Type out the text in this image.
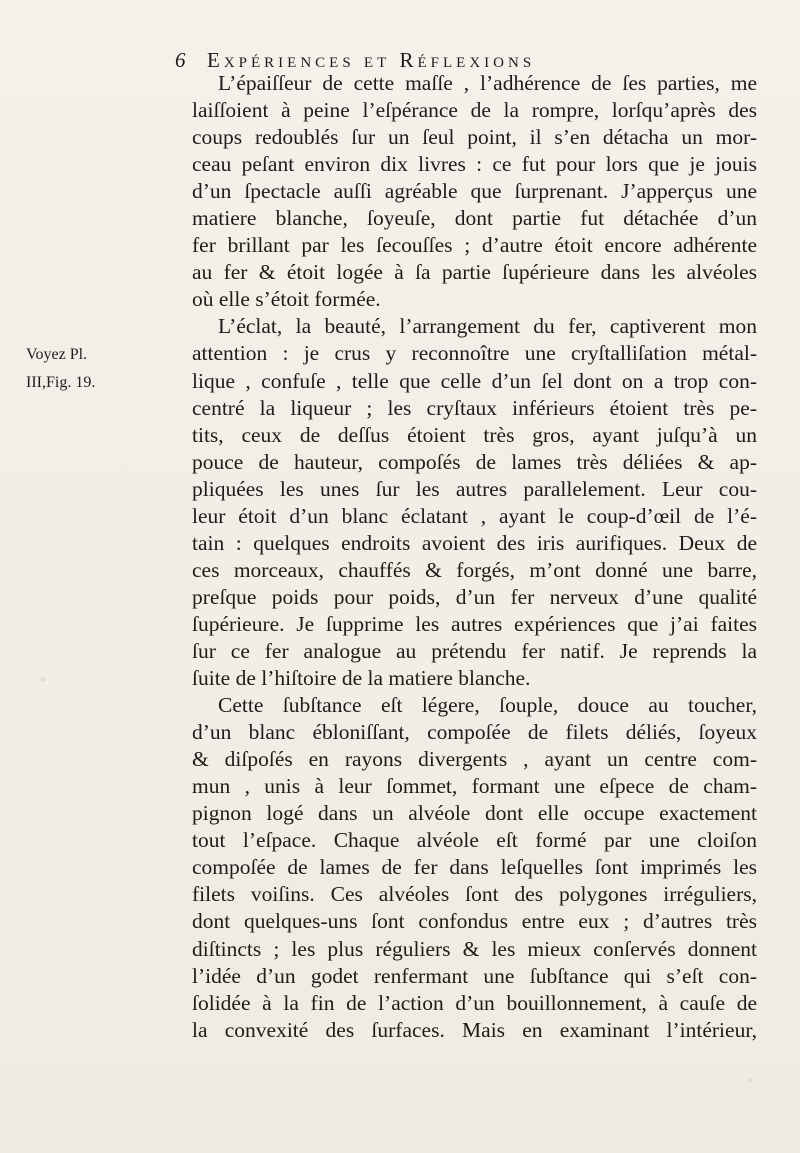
6 Expériences et Réflexions
Voyez Pl.
III,Fig. 19.
L’épaiſſeur de cette maſſe , l’adhérence de ſes parties, me
laiſſoient à peine l’eſpérance de la rompre, lorſqu’après des
coups redoublés ſur un ſeul point, il s’en détacha un mor-
ceau peſant environ dix livres : ce fut pour lors que je jouis
d’un ſpectacle auſſi agréable que ſurprenant. J’apperçus une
matiere blanche, ſoyeuſe, dont partie fut détachée d’un
fer brillant par les ſecouſſes ; d’autre étoit encore adhérente
au fer & étoit logée à ſa partie ſupérieure dans les alvéoles
où elle s’étoit formée.
L’éclat, la beauté, l’arrangement du fer, captiverent mon
attention : je crus y reconnoître une cryſtalliſation métal-
lique , confuſe , telle que celle d’un ſel dont on a trop con-
centré la liqueur ; les cryſtaux inférieurs étoient très pe-
tits, ceux de deſſus étoient très gros, ayant juſqu’à un
pouce de hauteur, compoſés de lames très déliées & ap-
pliquées les unes ſur les autres parallelement. Leur cou-
leur étoit d’un blanc éclatant , ayant le coup-d’œil de l’é-
tain : quelques endroits avoient des iris aurifiques. Deux de
ces morceaux, chauffés & forgés, m’ont donné une barre,
preſque poids pour poids, d’un fer nerveux d’une qualité
ſupérieure. Je ſupprime les autres expériences que j’ai faites
ſur ce fer analogue au prétendu fer natif. Je reprends la
ſuite de l’hiſtoire de la matiere blanche.
Cette ſubſtance eſt légere, ſouple, douce au toucher,
d’un blanc ébloniſſant, compoſée de filets déliés, ſoyeux
& diſpoſés en rayons divergents , ayant un centre com-
mun , unis à leur ſommet, formant une eſpece de cham-
pignon logé dans un alvéole dont elle occupe exactement
tout l’eſpace. Chaque alvéole eſt formé par une cloiſon
compoſée de lames de fer dans leſquelles ſont imprimés les
filets voiſins. Ces alvéoles ſont des polygones irréguliers,
dont quelques-uns ſont confondus entre eux ; d’autres très
diſtincts ; les plus réguliers & les mieux conſervés donnent
l’idée d’un godet renfermant une ſubſtance qui s’eſt con-
ſolidée à la fin de l’action d’un bouillonnement, à cauſe de
la convexité des ſurfaces. Mais en examinant l’intérieur,
